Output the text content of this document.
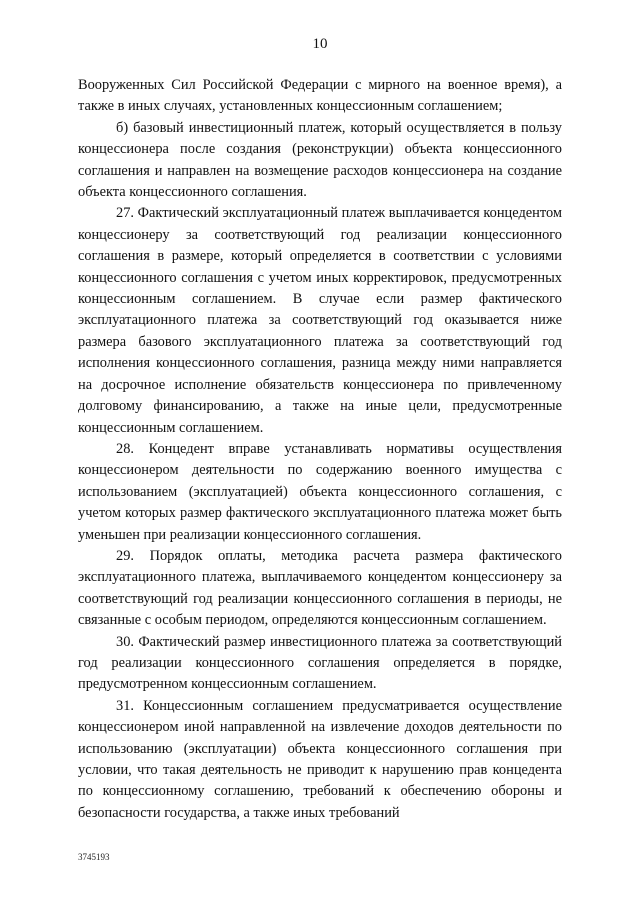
10

Вооруженных Сил Российской Федерации с мирного на военное время), а также в иных случаях, установленных концессионным соглашением;

б) базовый инвестиционный платеж, который осуществляется в пользу концессионера после создания (реконструкции) объекта концессионного соглашения и направлен на возмещение расходов концессионера на создание объекта концессионного соглашения.

27. Фактический эксплуатационный платеж выплачивается концедентом концессионеру за соответствующий год реализации концессионного соглашения в размере, который определяется в соответствии с условиями концессионного соглашения с учетом иных корректировок, предусмотренных концессионным соглашением. В случае если размер фактического эксплуатационного платежа за соответствующий год оказывается ниже размера базового эксплуатационного платежа за соответствующий год исполнения концессионного соглашения, разница между ними направляется на досрочное исполнение обязательств концессионера по привлеченному долговому финансированию, а также на иные цели, предусмотренные концессионным соглашением.

28. Концедент вправе устанавливать нормативы осуществления концессионером деятельности по содержанию военного имущества с использованием (эксплуатацией) объекта концессионного соглашения, с учетом которых размер фактического эксплуатационного платежа может быть уменьшен при реализации концессионного соглашения.

29. Порядок оплаты, методика расчета размера фактического эксплуатационного платежа, выплачиваемого концедентом концессионеру за соответствующий год реализации концессионного соглашения в периоды, не связанные с особым периодом, определяются концессионным соглашением.

30. Фактический размер инвестиционного платежа за соответствующий год реализации концессионного соглашения определяется в порядке, предусмотренном концессионным соглашением.

31. Концессионным соглашением предусматривается осуществление концессионером иной направленной на извлечение доходов деятельности по использованию (эксплуатации) объекта концессионного соглашения при условии, что такая деятельность не приводит к нарушению прав концедента по концессионному соглашению, требований к обеспечению обороны и безопасности государства, а также иных требований

3745193
